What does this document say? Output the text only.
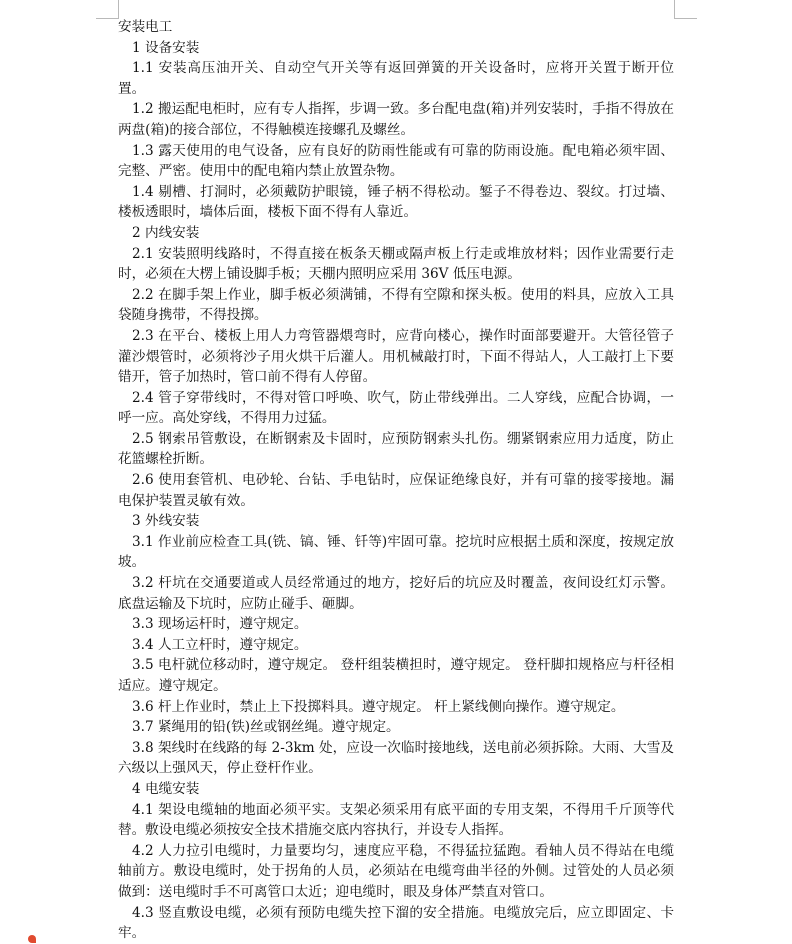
安装电工

1 设备安装

1.1 安装高压油开关、自动空气开关等有返回弹簧的开关设备时，应将开关置于断开位置。

1.2 搬运配电柜时，应有专人指挥，步调一致。多台配电盘(箱)并列安装时，手指不得放在两盘(箱)的接合部位，不得触模连接螺孔及螺丝。

1.3 露天使用的电气设备，应有良好的防雨性能或有可靠的防雨设施。配电箱必须牢固、完整、严密。使用中的配电箱内禁止放置杂物。

1.4 剔槽、打洞时，必须戴防护眼镜，锤子柄不得松动。錾子不得卷边、裂纹。打过墙、楼板透眼时，墙体后面，楼板下面不得有人靠近。

2 内线安装

2.1 安装照明线路时，不得直接在板条天棚或隔声板上行走或堆放材料；因作业需要行走时，必须在大楞上铺设脚手板；天棚内照明应采用 36V 低压电源。

2.2 在脚手架上作业，脚手板必须满铺，不得有空隙和探头板。使用的料具，应放入工具袋随身携带，不得投掷。

2.3 在平台、楼板上用人力弯管器煨弯时，应背向楼心，操作时面部要避开。大管径管子灌沙煨管时，必须将沙子用火烘干后灌人。用机械敲打时，下面不得站人，人工敲打上下要错开，管子加热时，管口前不得有人停留。

2.4 管子穿带线时，不得对管口呼唤、吹气，防止带线弹出。二人穿线，应配合协调，一呼一应。高处穿线，不得用力过猛。

2.5 钢索吊管敷设，在断钢索及卡固时，应预防钢索头扎伤。绷紧钢索应用力适度，防止花篮螺栓折断。

2.6 使用套管机、电砂轮、台钻、手电钻时，应保证绝缘良好，并有可靠的接零接地。漏电保护装置灵敏有效。

3 外线安装

3.1 作业前应检查工具(铣、镐、锤、钎等)牢固可靠。挖坑时应根据土质和深度，按规定放坡。

3.2 杆坑在交通要道或人员经常通过的地方，挖好后的坑应及时覆盖，夜间设红灯示警。底盘运输及下坑时，应防止碰手、砸脚。

3.3 现场运杆时，遵守规定。

3.4 人工立杆时，遵守规定。

3.5 电杆就位移动时，遵守规定。 登杆组装横担时，遵守规定。 登杆脚扣规格应与杆径相适应。遵守规定。

3.6 杆上作业时，禁止上下投掷料具。遵守规定。 杆上紧线侧向操作。遵守规定。

3.7 紧绳用的铅(铁)丝或钢丝绳。遵守规定。

3.8 架线时在线路的每 2-3km 处，应设一次临时接地线，送电前必须拆除。大雨、大雪及六级以上强风天，停止登杆作业。

4 电缆安装

4.1 架设电缆轴的地面必须平实。支架必须采用有底平面的专用支架，不得用千斤顶等代替。敷设电缆必须按安全技术措施交底内容执行，并设专人指挥。

4.2 人力拉引电缆时，力量要均匀，速度应平稳，不得猛拉猛跑。看轴人员不得站在电缆轴前方。敷设电缆时，处于拐角的人员，必须站在电缆弯曲半径的外侧。过管处的人员必须做到：送电缆时手不可离管口太近；迎电缆时，眼及身体严禁直对管口。

4.3 竖直敷设电缆，必须有预防电缆失控下溜的安全措施。电缆放完后，应立即固定、卡牢。
